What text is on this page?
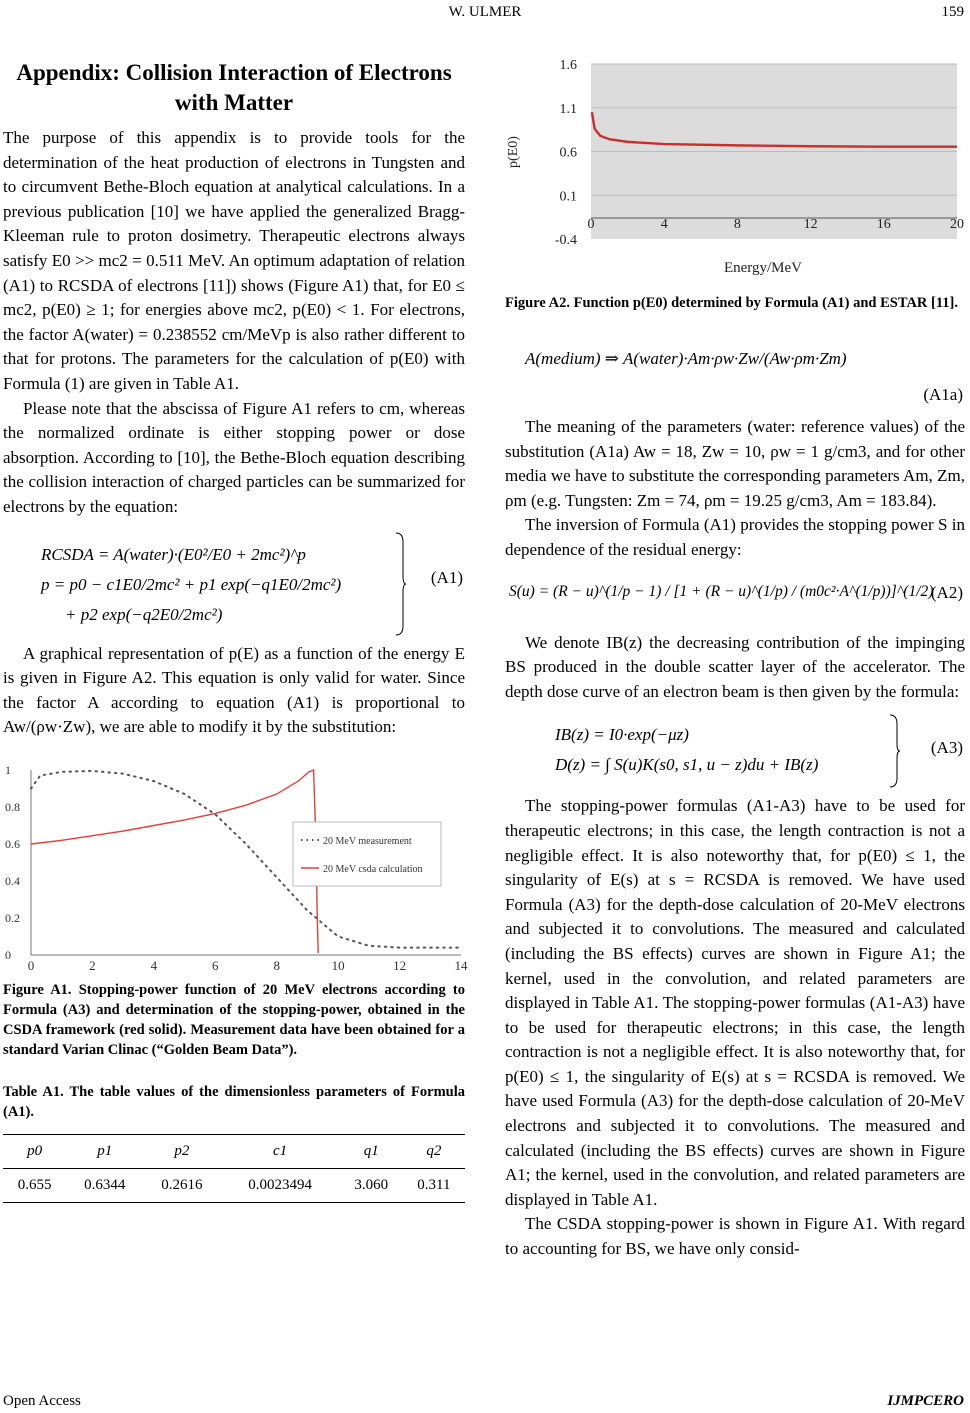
W. ULMER	159
Appendix: Collision Interaction of Electrons
with Matter

The purpose of this appendix is to provide tools for the determination of the heat production of electrons in Tungsten and to circumvent Bethe-Bloch equation at analytical calculations. In a previous publication [10] we have applied the generalized Bragg-Kleeman rule to proton dosimetry. Therapeutic electrons always satisfy E0 >> mc2 = 0.511 MeV. An optimum adaptation of relation (A1) to RCSDA of electrons [11]) shows (Figure A1) that, for E0 ≤ mc2, p(E0) ≥ 1; for energies above mc2, p(E0) < 1. For electrons, the factor A(water) = 0.238552 cm/MeVp is also rather different to that for protons. The parameters for the calculation of p(E0) with Formula (1) are given in Table A1.

Please note that the abscissa of Figure A1 refers to cm, whereas the normalized ordinate is either stopping power or dose absorption. According to [10], the Bethe-Bloch equation describing the collision interaction of charged particles can be summarized for electrons by the equation:

RCSDA = A(water)·(E0²/E0 + 2mc²)^p
p = p0 − c1E0/2mc² + p1 exp(−q1E0/2mc²)
+ p2 exp(−q2E0/2mc²)
(A1)

A graphical representation of p(E) as a function of the energy E is given in Figure A2. This equation is only valid for water. Since the factor A according to equation (A1) is proportional to Aw/(ρw·Zw), we are able to modify it by the substitution:

0
0.2
0.4
0.6
0.8
1
0	2	4	6	8	10	12	14
20 MeV measurement
20 MeV csda calculation

Figure A1. Stopping-power function of 20 MeV electrons according to Formula (A3) and determination of the stopping-power, obtained in the CSDA framework (red solid). Measurement data have been obtained for a standard Varian Clinac (“Golden Beam Data”).

Table A1. The table values of the dimensionless parameters of Formula (A1).

p0	p1	p2	c1	q1	q2
0.655	0.6344	0.2616	0.0023494	3.060	0.311
1.6
1.1
0.6
0.1
-0.4
0	4	8	12	16	20
p(E0)
Energy/MeV

Figure A2. Function p(E0) determined by Formula (A1) and ESTAR [11].

A(medium) ⇒ A(water)·Am·ρw·Zw/(Aw·ρm·Zm)
(A1a)

The meaning of the parameters (water: reference values) of the substitution (A1a) Aw = 18, Zw = 10, ρw = 1 g/cm3, and for other media we have to substitute the corresponding parameters Am, Zm, ρm (e.g. Tungsten: Zm = 74, ρm = 19.25 g/cm3, Am = 183.84).

The inversion of Formula (A1) provides the stopping power S in dependence of the residual energy:

S(u) = (R − u)^(1/p − 1) / [1 + (R − u)^(1/p) / (m0c²·A^(1/p))]^(1/2)
(A2)

We denote IB(z) the decreasing contribution of the impinging BS produced in the double scatter layer of the accelerator. The depth dose curve of an electron beam is then given by the formula:

IB(z) = I0·exp(−μz)
D(z) = ∫ S(u)K(s0, s1, u − z)du + IB(z)
(A3)

The stopping-power formulas (A1-A3) have to be used for therapeutic electrons; in this case, the length contraction is not a negligible effect. It is also noteworthy that, for p(E0) ≤ 1, the singularity of E(s) at s = RCSDA is removed. We have used Formula (A3) for the depth-dose calculation of 20-MeV electrons and subjected it to convolutions. The measured and calculated (including the BS effects) curves are shown in Figure A1; the kernel, used in the convolution, and related parameters are displayed in Table A1. The stopping-power formulas (A1-A3) have to be used for therapeutic electrons; in this case, the length contraction is not a negligible effect. It is also noteworthy that, for p(E0) ≤ 1, the singularity of E(s) at s = RCSDA is removed. We have used Formula (A3) for the depth-dose calculation of 20-MeV electrons and subjected it to convolutions. The measured and calculated (including the BS effects) curves are shown in Figure A1; the kernel, used in the convolution, and related parameters are displayed in Table A1.

The CSDA stopping-power is shown in Figure A1. With regard to accounting for BS, we have only consid-

Open Access	IJMPCERO
